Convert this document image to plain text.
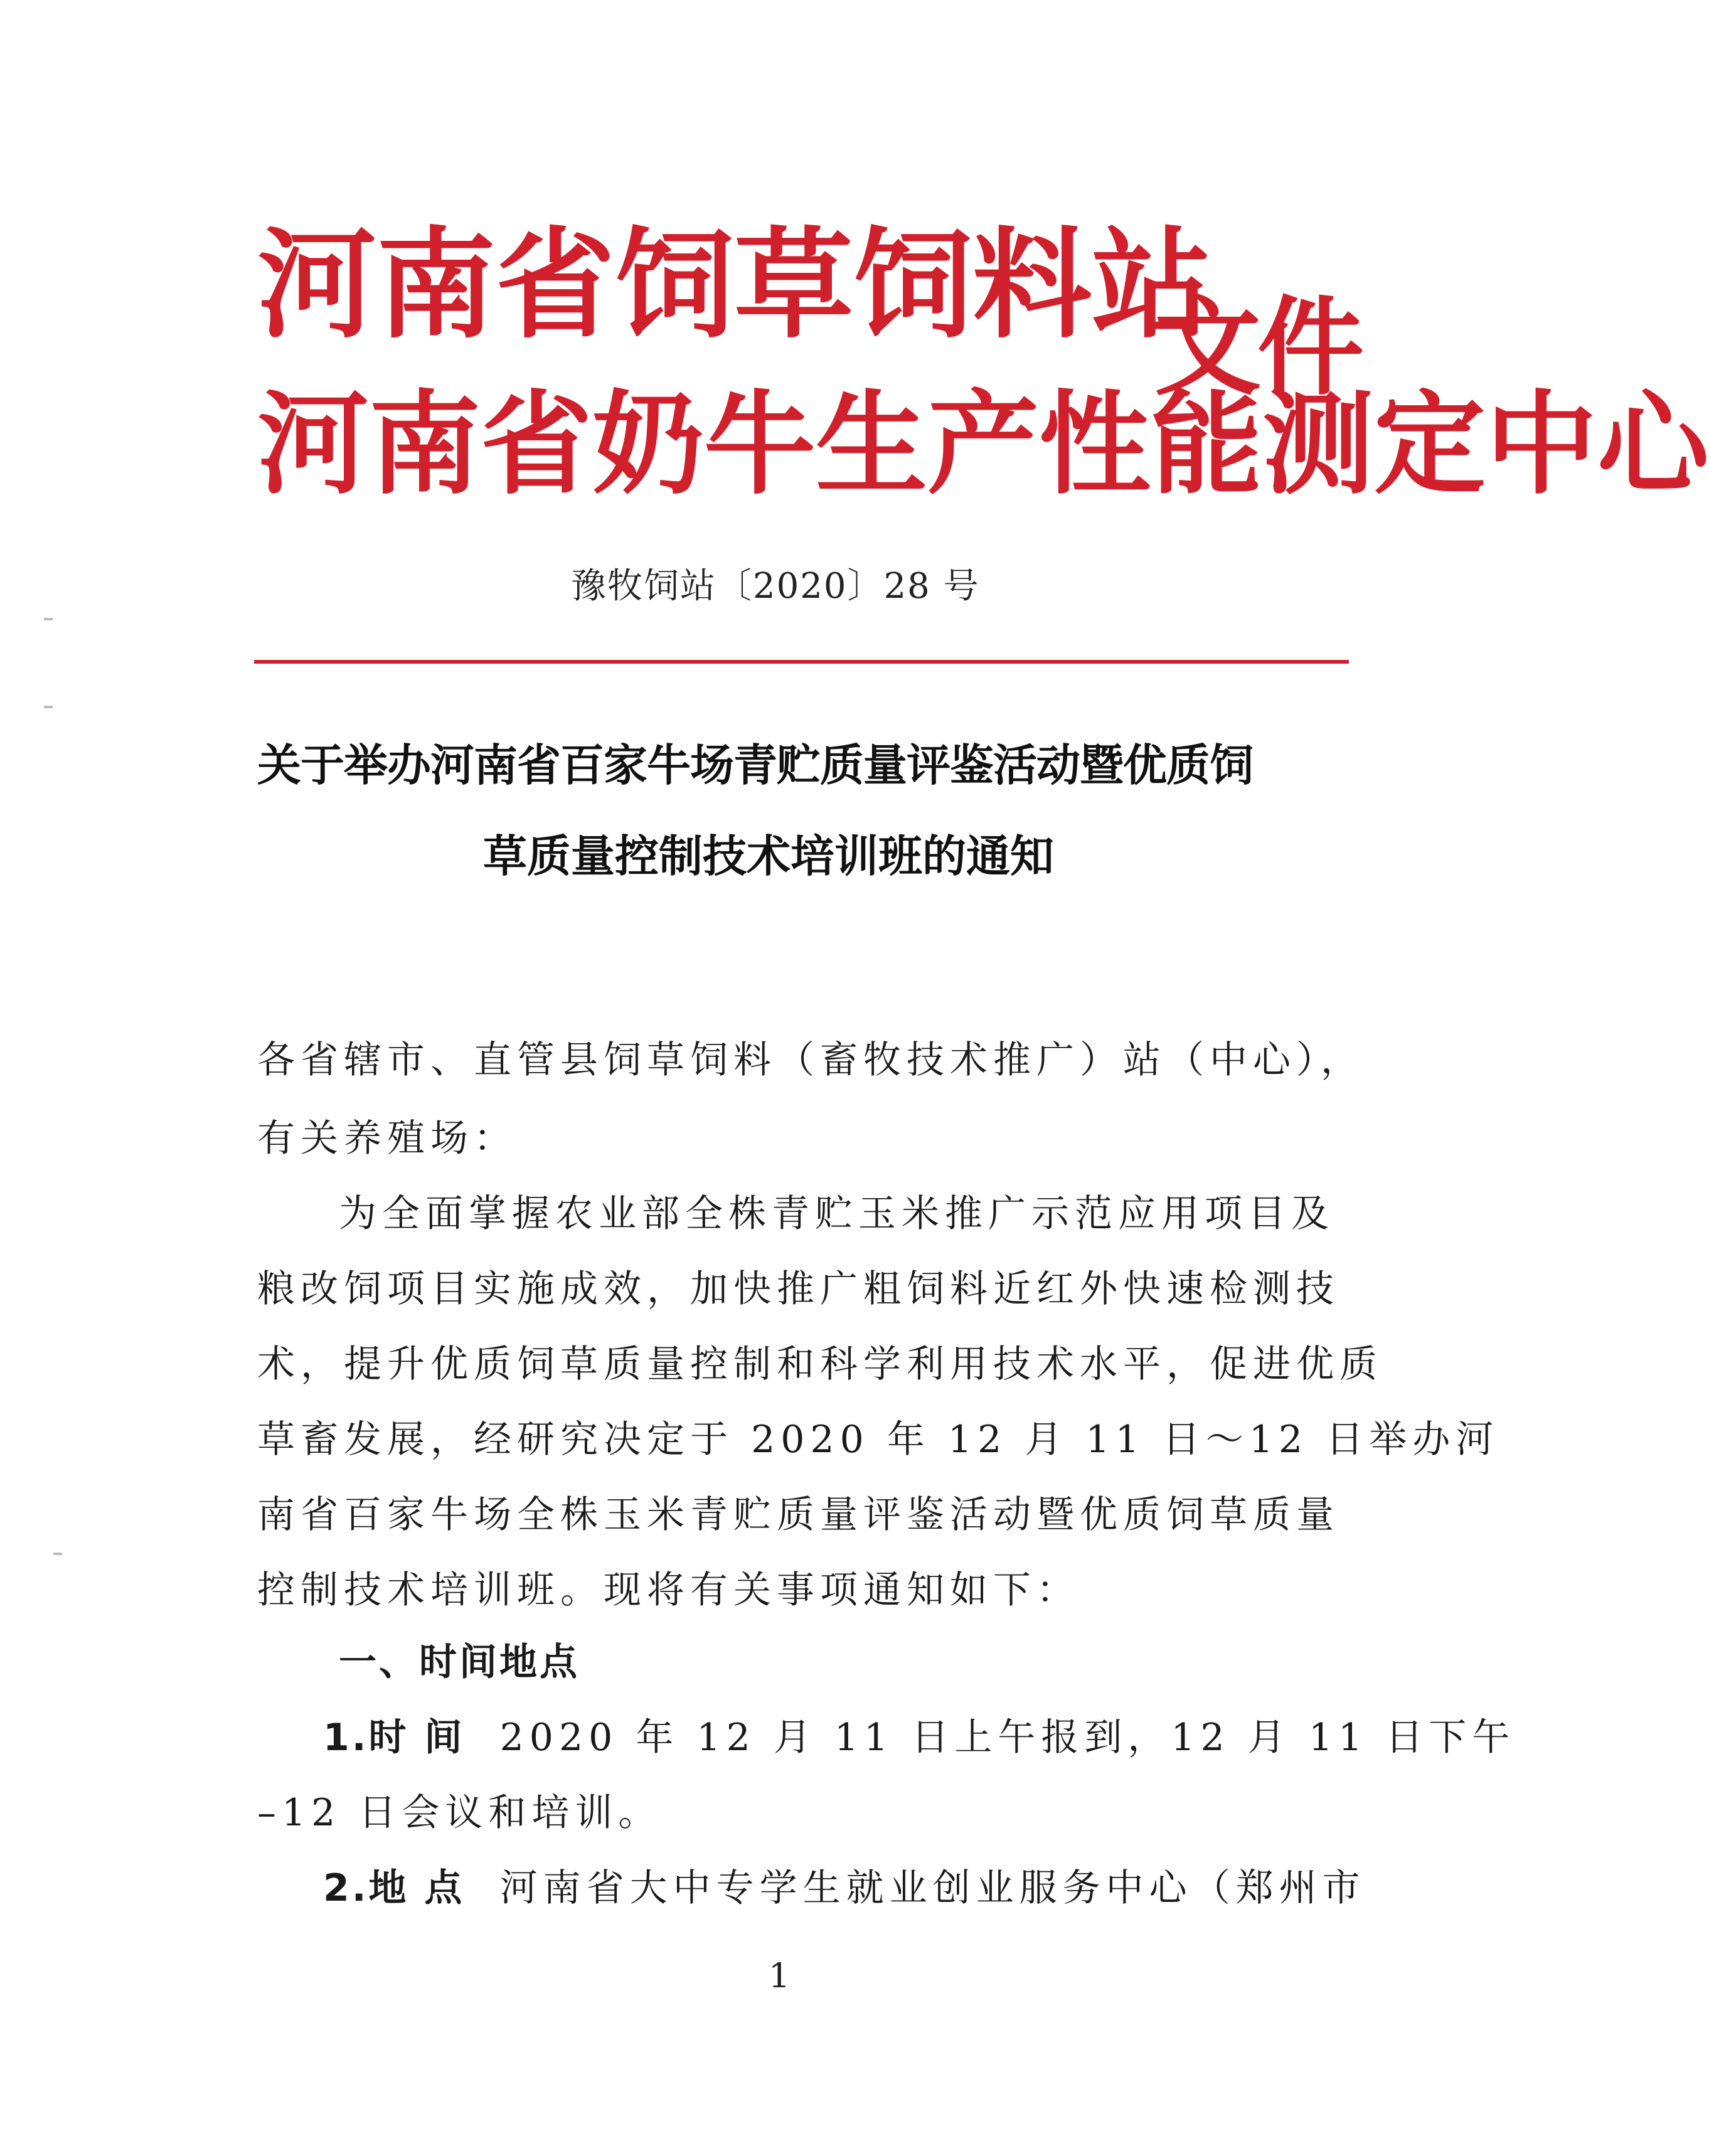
河 南 省 饲 草 饲 料 站
河 南 省 奶 牛 生 产 性 能 测 定 中 心
文件
豫牧饲站〔2020〕28 号
关于举办河南省百家牛场青贮质量评鉴活动暨优质饲
草质量控制技术培训班的通知
各省辖市、直管县饲草饲料（畜牧技术推广）站（中心），
有关养殖场：
为全面掌握农业部全株青贮玉米推广示范应用项目及
粮改饲项目实施成效，加快推广粗饲料近红外快速检测技
术，提升优质饲草质量控制和科学利用技术水平，促进优质
草畜发展，经研究决定于 2020 年 12 月 11 日～12 日举办河
南省百家牛场全株玉米青贮质量评鉴活动暨优质饲草质量
控制技术培训班。现将有关事项通知如下：
一、时间地点
1.时 间 2020 年 12 月 11 日上午报到，12 月 11 日下午
–12 日会议和培训。
2.地 点 河南省大中专学生就业创业服务中心（郑州市
1
